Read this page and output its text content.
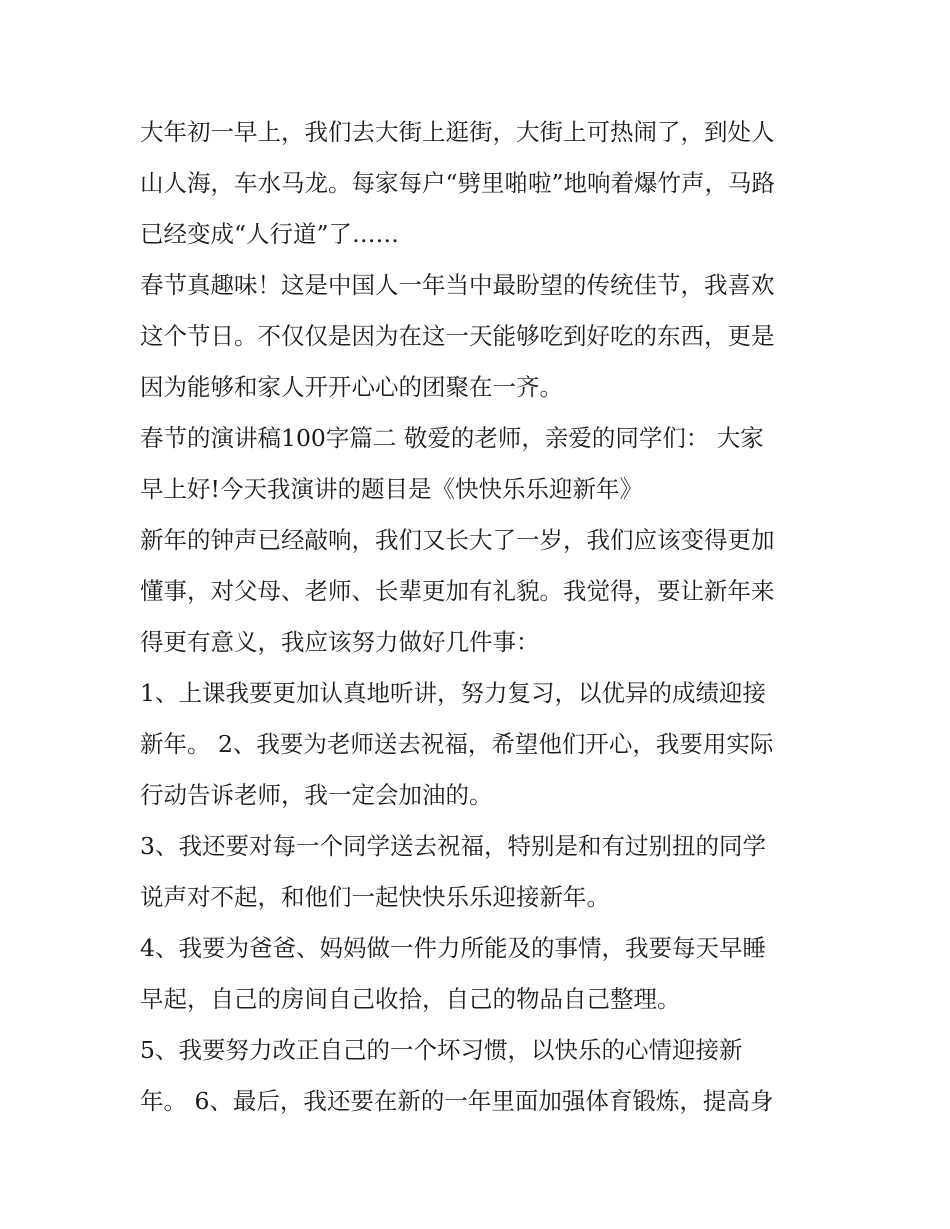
大年初一早上，我们去大街上逛街，大街上可热闹了，到处人
山人海，车水马龙。每家每户“劈里啪啦”地响着爆竹声，马路
已经变成“人行道”了……
春节真趣味！这是中国人一年当中最盼望的传统佳节，我喜欢
这个节日。不仅仅是因为在这一天能够吃到好吃的东西，更是
因为能够和家人开开心心的团聚在一齐。
春节的演讲稿100字篇二 敬爱的老师，亲爱的同学们： 大家
早上好!今天我演讲的题目是《快快乐乐迎新年》
新年的钟声已经敲响，我们又长大了一岁，我们应该变得更加
懂事，对父母、老师、长辈更加有礼貌。我觉得，要让新年来
得更有意义，我应该努力做好几件事：
1、上课我要更加认真地听讲，努力复习，以优异的成绩迎接
新年。 2、我要为老师送去祝福，希望他们开心，我要用实际
行动告诉老师，我一定会加油的。
3、我还要对每一个同学送去祝福，特别是和有过别扭的同学
说声对不起，和他们一起快快乐乐迎接新年。
4、我要为爸爸、妈妈做一件力所能及的事情，我要每天早睡
早起，自己的房间自己收拾，自己的物品自己整理。
5、我要努力改正自己的一个坏习惯，以快乐的心情迎接新
年。 6、最后，我还要在新的一年里面加强体育锻炼，提高身
